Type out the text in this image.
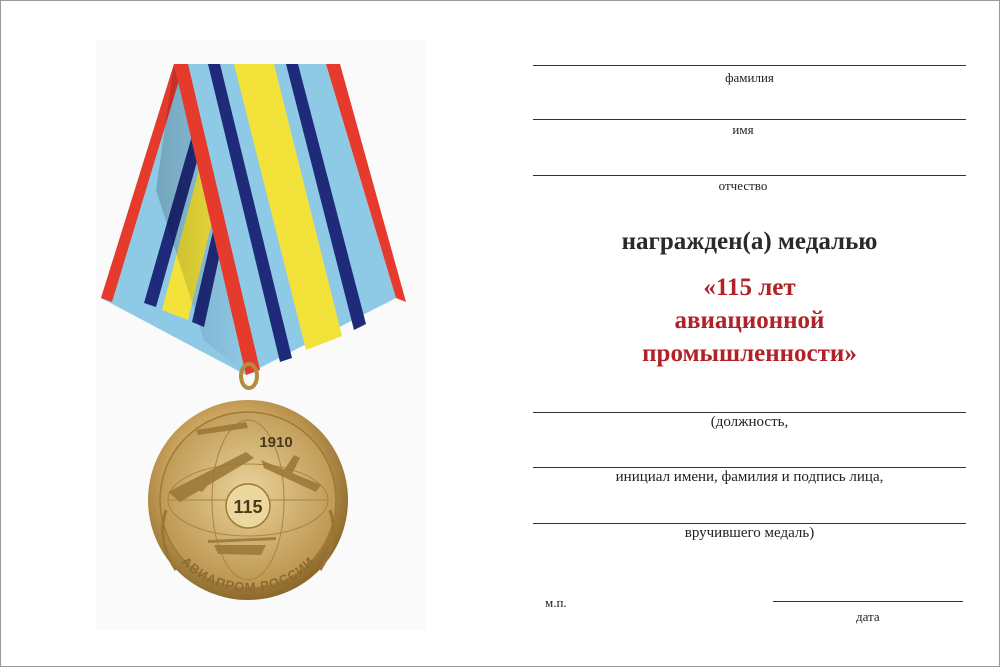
115
1910
АВИАПРОМ РОССИИ
фамилия
имя
отчество
награжден(а) медалью
«115 лет
авиационной
промышленности»
(должность,
инициал имени, фамилия и подпись лица,
вручившего медаль)
м.п.
дата
